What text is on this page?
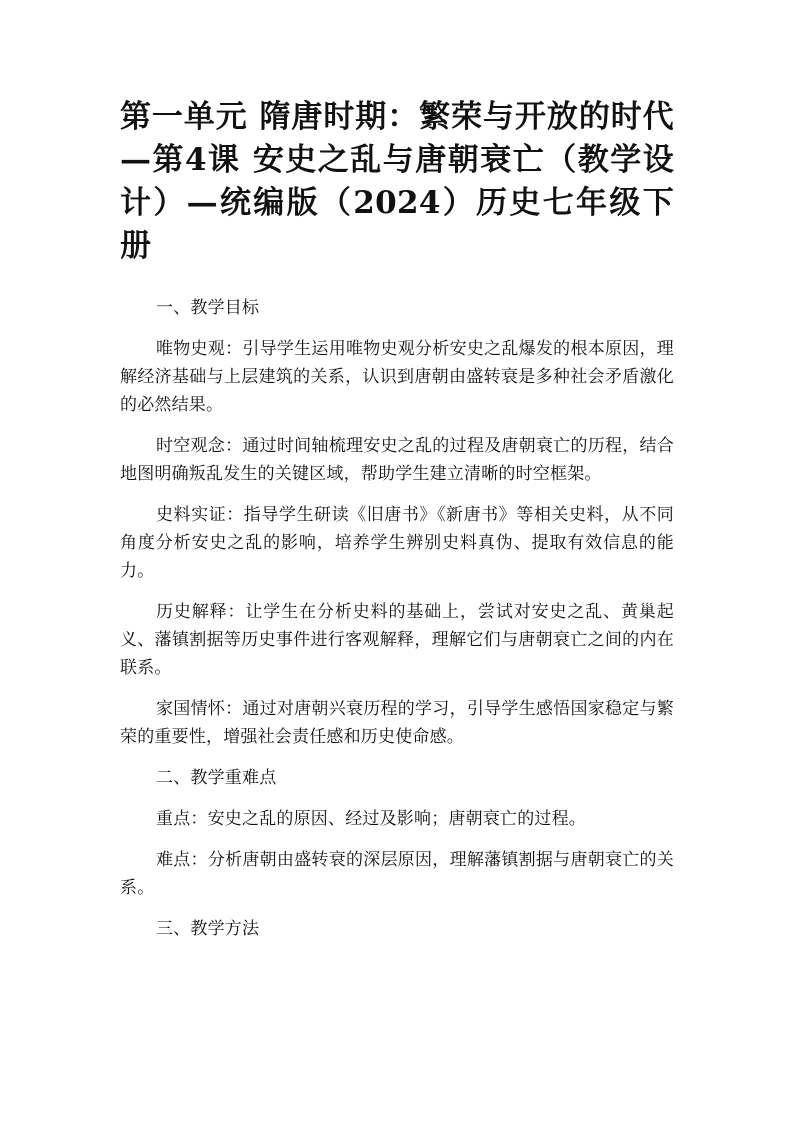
第一单元 隋唐时期：繁荣与开放的时代—第4课 安史之乱与唐朝衰亡（教学设计）—统编版（2024）历史七年级下册

一、教学目标

唯物史观：引导学生运用唯物史观分析安史之乱爆发的根本原因，理解经济基础与上层建筑的关系，认识到唐朝由盛转衰是多种社会矛盾激化的必然结果。

时空观念：通过时间轴梳理安史之乱的过程及唐朝衰亡的历程，结合地图明确叛乱发生的关键区域，帮助学生建立清晰的时空框架。

史料实证：指导学生研读《旧唐书》《新唐书》等相关史料，从不同角度分析安史之乱的影响，培养学生辨别史料真伪、提取有效信息的能力。

历史解释：让学生在分析史料的基础上，尝试对安史之乱、黄巢起义、藩镇割据等历史事件进行客观解释，理解它们与唐朝衰亡之间的内在联系。

家国情怀：通过对唐朝兴衰历程的学习，引导学生感悟国家稳定与繁荣的重要性，增强社会责任感和历史使命感。

二、教学重难点

重点：安史之乱的原因、经过及影响；唐朝衰亡的过程。

难点：分析唐朝由盛转衰的深层原因，理解藩镇割据与唐朝衰亡的关系。

三、教学方法
